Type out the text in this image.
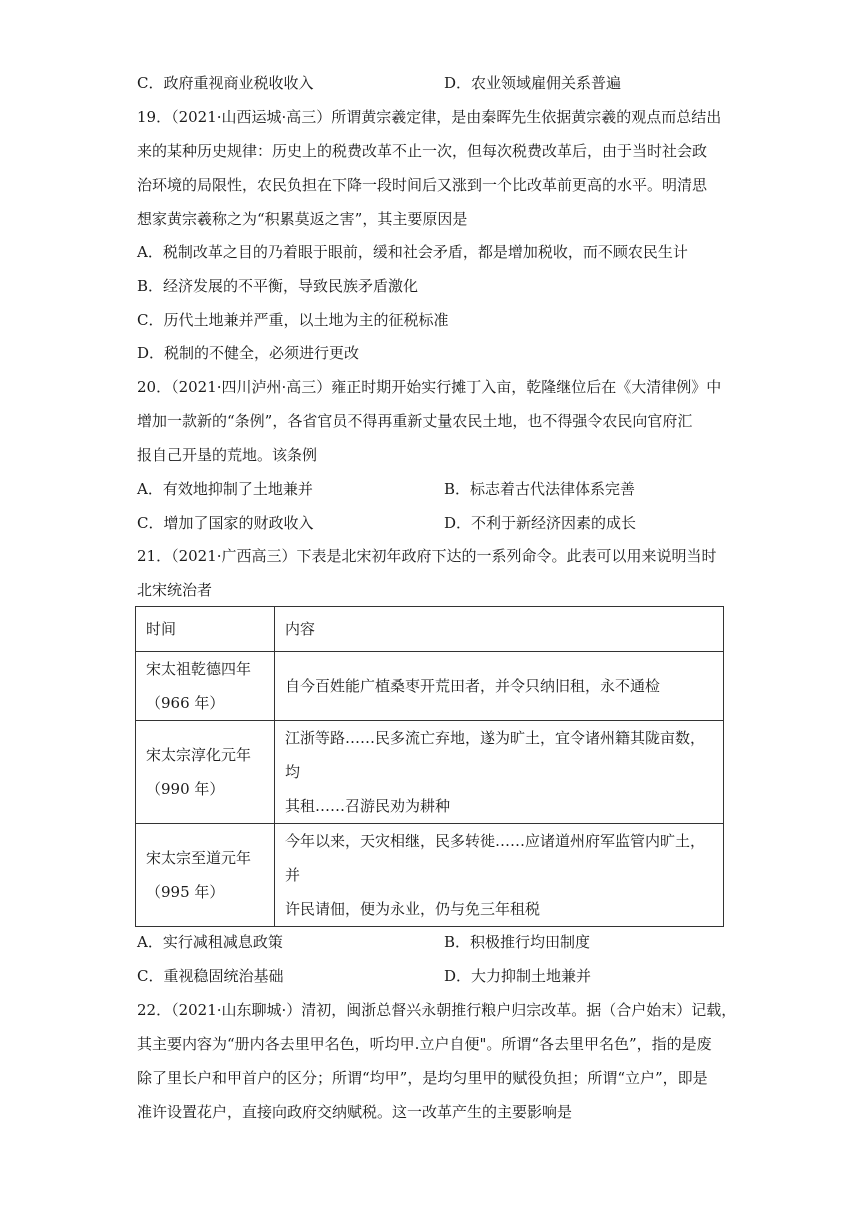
C．政府重视商业税收收入	D．农业领域雇佣关系普遍
19．（2021·山西运城·高三）所谓黄宗羲定律，是由秦晖先生依据黄宗羲的观点而总结出
来的某种历史规律：历史上的税费改革不止一次，但每次税费改革后，由于当时社会政
治环境的局限性，农民负担在下降一段时间后又涨到一个比改革前更高的水平。明清思
想家黄宗羲称之为“积累莫返之害”，其主要原因是
A．税制改革之目的乃着眼于眼前，缓和社会矛盾，都是增加税收，而不顾农民生计
B．经济发展的不平衡，导致民族矛盾激化
C．历代土地兼并严重，以土地为主的征税标准
D．税制的不健全，必须进行更改
20．（2021·四川泸州·高三）雍正时期开始实行摊丁入亩，乾隆继位后在《大清律例》中
增加一款新的“条例”，各省官员不得再重新丈量农民土地，也不得强令农民向官府汇
报自己开垦的荒地。该条例
A．有效地抑制了土地兼并	B．标志着古代法律体系完善
C．增加了国家的财政收入	D．不利于新经济因素的成长
21．（2021·广西高三）下表是北宋初年政府下达的一系列命令。此表可以用来说明当时
北宋统治者
时间	内容

宋太祖乾德四年
（966 年）	自今百姓能广植桑枣开荒田者，并令只纳旧租，永不通检

宋太宗淳化元年
（990 年）	江浙等路……民多流亡弃地，遂为旷土，宜令诸州籍其陇亩数，均
其租……召游民劝为耕种

宋太宗至道元年
（995 年）	今年以来，天灾相继，民多转徙……应诸道州府军监管内旷土，并
许民请佃，便为永业，仍与免三年租税
A．实行减租减息政策	B．积极推行均田制度
C．重视稳固统治基础	D．大力抑制土地兼并
22．（2021·山东聊城·）清初，闽浙总督兴永朝推行粮户归宗改革。据（合户始末）记载，
其主要内容为“册内各去里甲名色，听均甲.立户自便"。所谓“各去里甲名色”，指的是废
除了里长户和甲首户的区分；所谓“均甲”，是均匀里甲的赋役负担；所谓“立户”，即是
准许设置花户，直接向政府交纳赋税。这一改革产生的主要影响是
